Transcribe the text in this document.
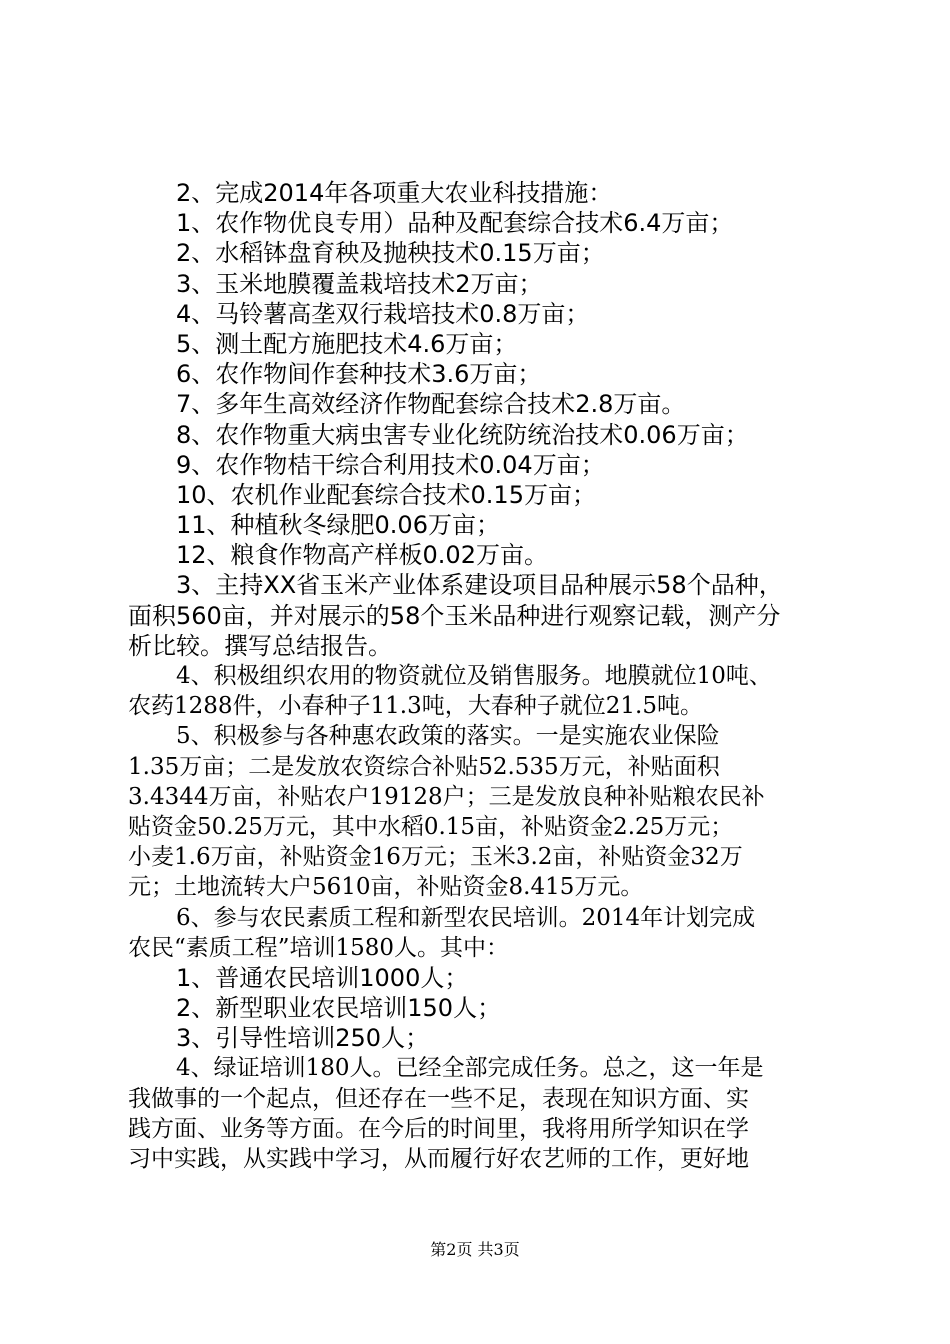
2、完成2014年各项重大农业科技措施：
1、农作物优良专用）品种及配套综合技术6.4万亩；
2、水稻钵盘育秧及抛秧技术0.15万亩；
3、玉米地膜覆盖栽培技术2万亩；
4、马铃薯高垄双行栽培技术0.8万亩；
5、测土配方施肥技术4.6万亩；
6、农作物间作套种技术3.6万亩；
7、多年生高效经济作物配套综合技术2.8万亩。
8、农作物重大病虫害专业化统防统治技术0.06万亩；
9、农作物桔干综合利用技术0.04万亩；
10、农机作业配套综合技术0.15万亩；
11、种植秋冬绿肥0.06万亩；
12、粮食作物高产样板0.02万亩。
3、主持XX省玉米产业体系建设项目品种展示58个品种，
面积560亩，并对展示的58个玉米品种进行观察记载，测产分
析比较。撰写总结报告。
4、积极组织农用的物资就位及销售服务。地膜就位10吨、
农药1288件，小春种子11.3吨，大春种子就位21.5吨。
5、积极参与各种惠农政策的落实。一是实施农业保险
1.35万亩；二是发放农资综合补贴52.535万元，补贴面积
3.4344万亩，补贴农户19128户；三是发放良种补贴粮农民补
贴资金50.25万元，其中水稻0.15亩，补贴资金2.25万元；
小麦1.6万亩，补贴资金16万元；玉米3.2亩，补贴资金32万
元；土地流转大户5610亩，补贴资金8.415万元。
6、参与农民素质工程和新型农民培训。2014年计划完成
农民“素质工程”培训1580人。其中：
1、普通农民培训1000人；
2、新型职业农民培训150人；
3、引导性培训250人；
4、绿证培训180人。已经全部完成任务。总之，这一年是
我做事的一个起点，但还存在一些不足，表现在知识方面、实
践方面、业务等方面。在今后的时间里，我将用所学知识在学
习中实践，从实践中学习，从而履行好农艺师的工作，更好地
第2页 共3页
